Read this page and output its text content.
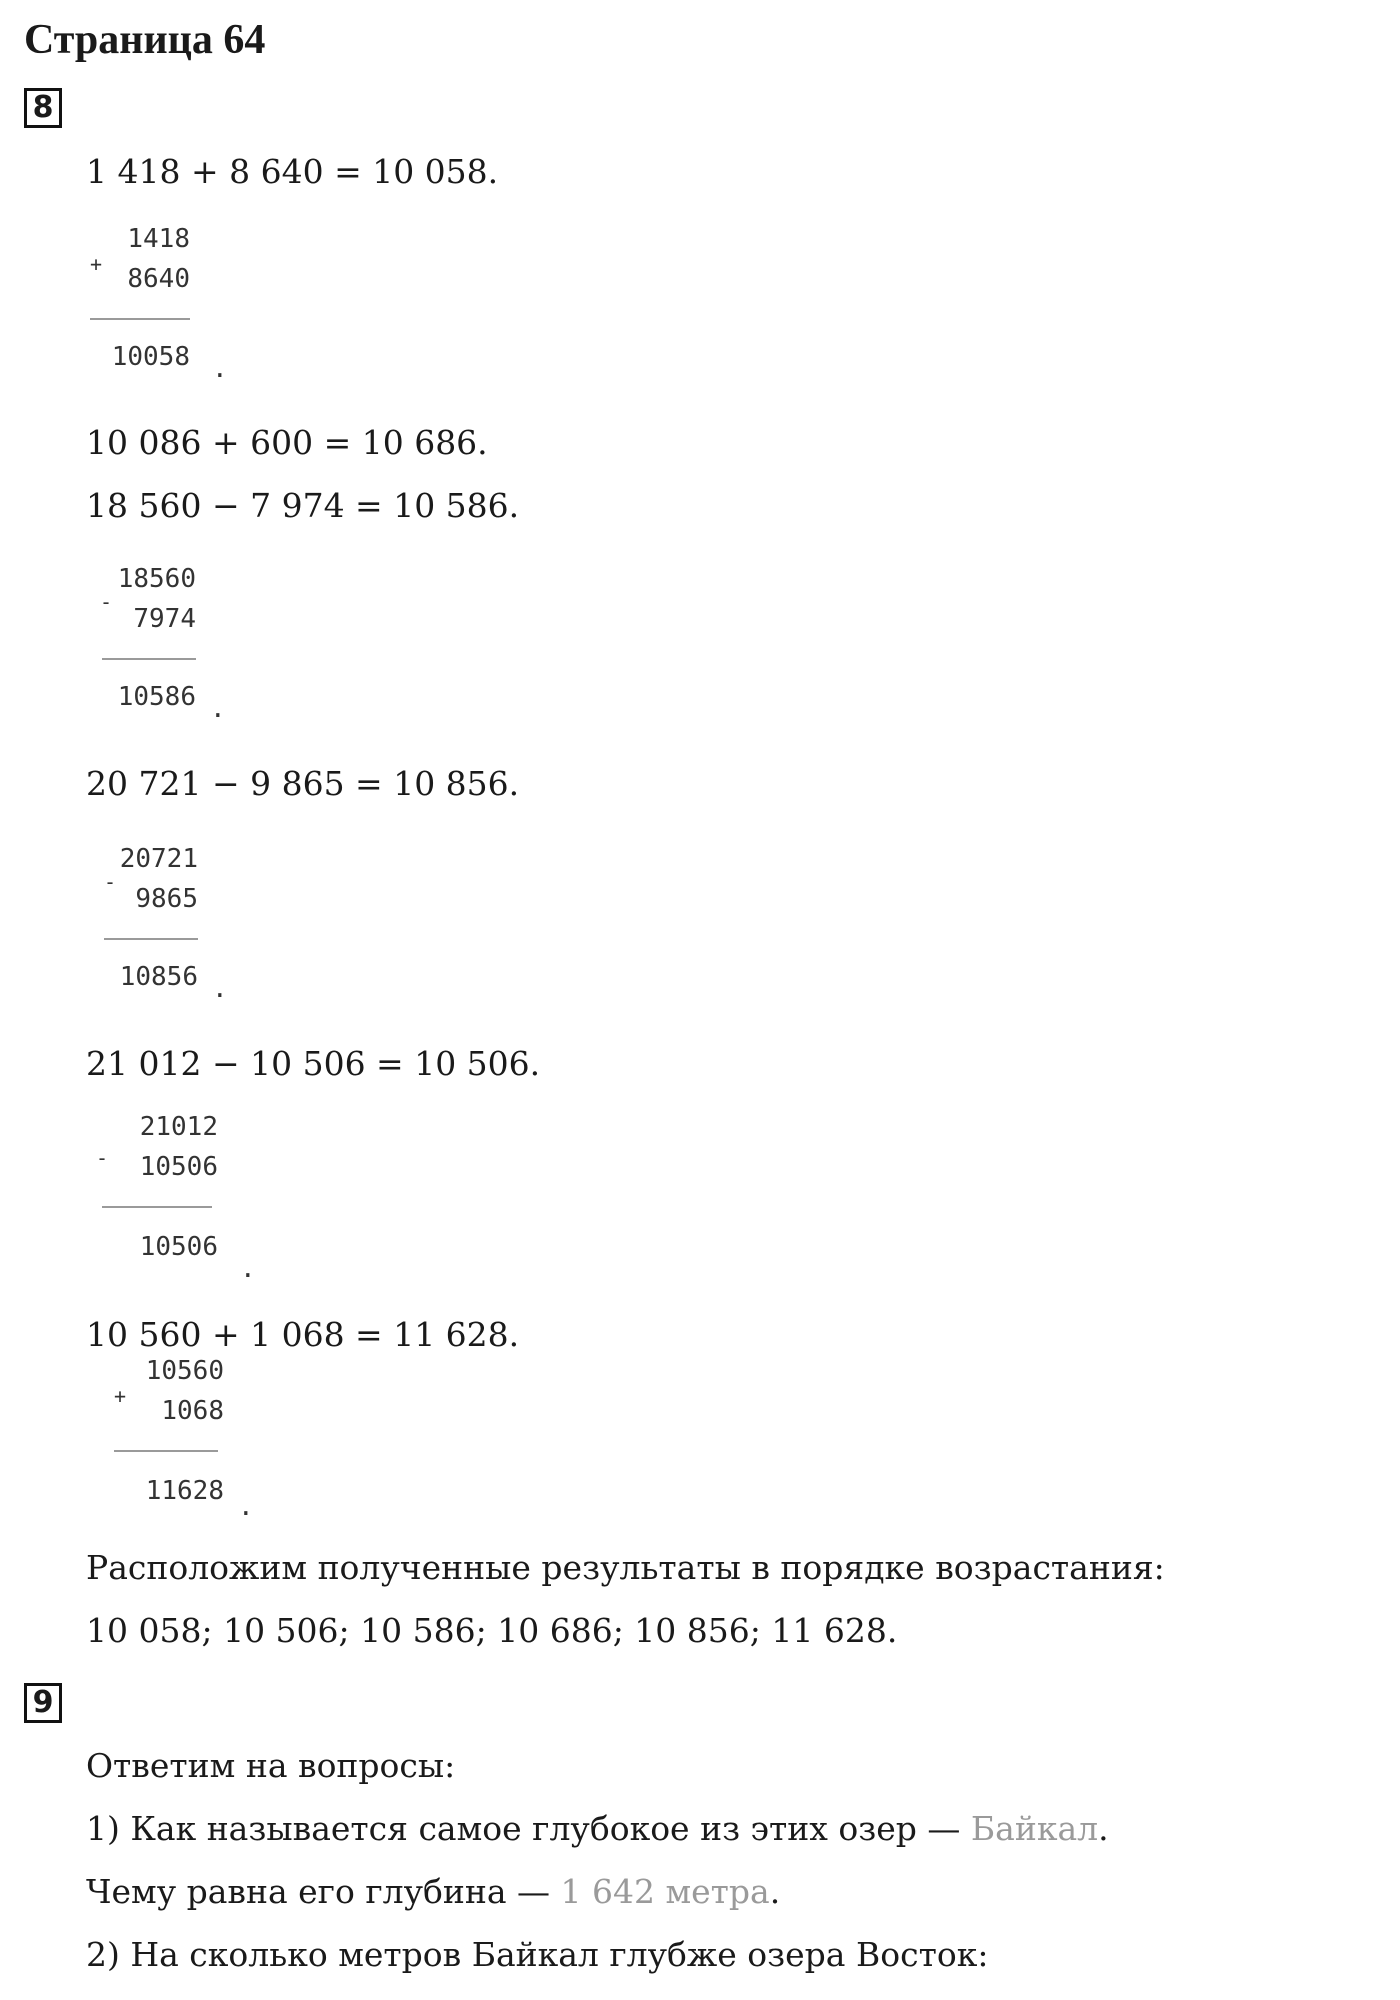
Страница 64
8
1 418 + 8 640 = 10 058.

+

1418

8640

10058

.

10 086 + 600 = 10 686.
18 560 − 7 974 = 10 586.

-

18560

7974

10586

.

20 721 − 9 865 = 10 856.

-

20721

9865

10856

.

21 012 − 10 506 = 10 506.

-

21012

10506

10506

.

10 560 + 1 068 = 11 628.

+

10560

1068

11628

.

Расположим полученные результаты в порядке возрастания:
10 058; 10 506; 10 586; 10 686; 10 856; 11 628.
9
Ответим на вопросы:
1) Как называется самое глубокое из этих озер — Байкал.
Чему равна его глубина — 1 642 метра.
2) На сколько метров Байкал глубже озера Восток:
